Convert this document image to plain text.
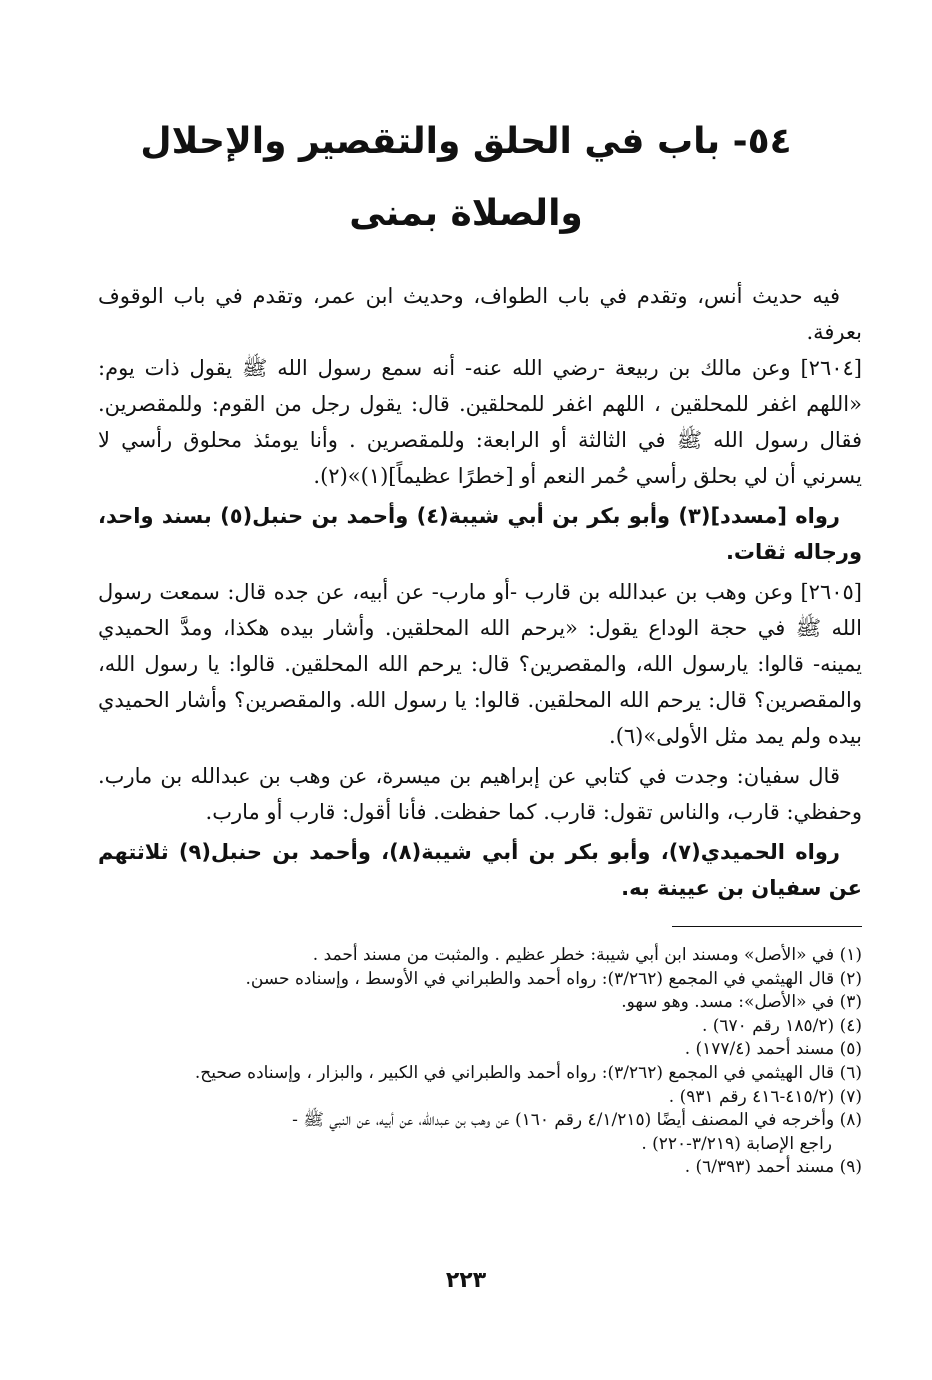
٥٤- باب في الحلق والتقصير والإحلال
والصلاة بمنى

فيه حديث أنس، وتقدم في باب الطواف، وحديث ابن عمر، وتقدم في باب الوقوف بعرفة.

[٢٦٠٤] وعن مالك بن ربيعة -رضي الله عنه- أنه سمع رسول الله ﷺ يقول ذات يوم: «اللهم اغفر للمحلقين ، اللهم اغفر للمحلقين. قال: يقول رجل من القوم: وللمقصرين. فقال رسول الله ﷺ في الثالثة أو الرابعة: وللمقصرين . وأنا يومئذ محلوق رأسي لا يسرني أن لي بحلق رأسي حُمر النعم أو [خطرًا عظيماً](١)»(٢).

رواه [مسدد](٣) وأبو بكر بن أبي شيبة(٤) وأحمد بن حنبل(٥) بسند واحد، ورجاله ثقات.

[٢٦٠٥] وعن وهب بن عبدالله بن قارب -أو مارب- عن أبيه، عن جده قال: سمعت رسول الله ﷺ في حجة الوداع يقول: «يرحم الله المحلقين. وأشار بيده هكذا، ومدَّ الحميدي يمينه- قالوا: يارسول الله، والمقصرين؟ قال: يرحم الله المحلقين. قالوا: يا رسول الله، والمقصرين؟ قال: يرحم الله المحلقين. قالوا: يا رسول الله. والمقصرين؟ وأشار الحميدي بيده ولم يمد مثل الأولى»(٦).

قال سفيان: وجدت في كتابي عن إبراهيم بن ميسرة، عن وهب بن عبدالله بن مارب. وحفظي: قارب، والناس تقول: قارب. كما حفظت. فأنا أقول: قارب أو مارب.

رواه الحميدي(٧)، وأبو بكر بن أبي شيبة(٨)، وأحمد بن حنبل(٩) ثلاثتهم عن سفيان بن عيينة به.

(١) في «الأصل» ومسند ابن أبي شيبة: خطر عظيم . والمثبت من مسند أحمد .
(٢) قال الهيثمي في المجمع (٣/٢٦٢): رواه أحمد والطبراني في الأوسط ، وإسناده حسن.
(٣) في «الأصل»: مسد. وهو سهو.
(٤) (١٨٥/٢ رقم ٦٧٠) .
(٥) مسند أحمد (١٧٧/٤) .
(٦) قال الهيثمي في المجمع (٣/٢٦٢): رواه أحمد والطبراني في الكبير ، والبزار ، وإسناده صحيح.
(٧) (٤١٥/٢-٤١٦ رقم ٩٣١) .
(٨) وأخرجه في المصنف أيضًا (٤/١/٢١٥ رقم ١٦٠) عن وهب بن عبدالله، عن أبيه، عن النبي ﷺ -
راجع الإصابة (٣/٢١٩-٢٢٠) .
(٩) مسند أحمد (٦/٣٩٣) .
٢٢٣
